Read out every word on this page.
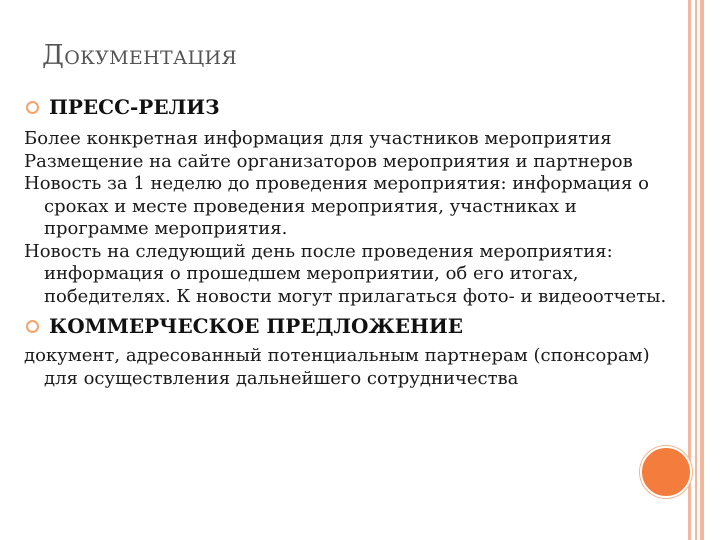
ДОКУМЕНТАЦИЯ
ПРЕСС-РЕЛИЗ
Более конкретная информация для участников мероприятия
Размещение на сайте организаторов мероприятия и партнеров
Новость за 1 неделю до проведения мероприятия: информация о сроках и месте проведения мероприятия, участниках и программе мероприятия.
Новость на следующий день после проведения мероприятия: информация о прошедшем мероприятии, об его итогах, победителях. К новости могут прилагаться фото- и видеоотчеты.
КОММЕРЧЕСКОЕ ПРЕДЛОЖЕНИЕ
документ, адресованный потенциальным партнерам (спонсорам) для осуществления дальнейшего сотрудничества
